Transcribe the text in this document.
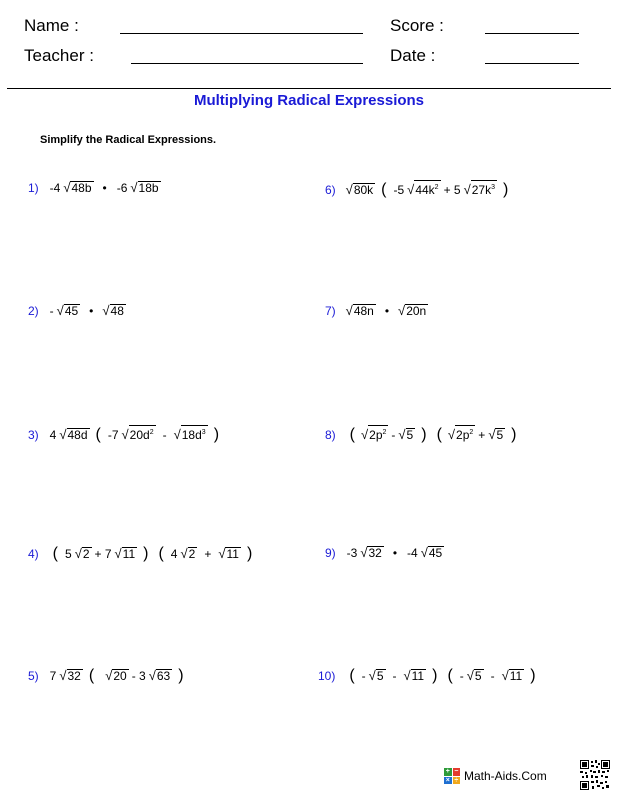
Name :	Score :
Teacher :	Date :
Multiplying Radical Expressions
Simplify the Radical Expressions.
1) -4 √ 48b • -6 √ 18b	6) √ 80k ( -5 √ $44k^2 + 5$ √ $27k^3$ )
2) - √ 45 • √ 48	7) √ 48n • √ 20n
3) 4 √ 48d ( -7 √ $20d^2$ - √ $18d^3$ )	8) ( √ $2p^2$ - √ 5 ) ( √ $2p^2$ + √ 5 )
4) ( 5 √ 2 + 7 √ 11 ) ( 4 √ 2 + √ 11 )	9) -3 √ 32 • -4 √ 45
5) 7 √ 32 ( √ 20 - 3 √ 63 )	10) ( - √ 5 - √ 11 ) ( - √ 5 - √ 11 )
+ −
× ÷ Math-Aids.Com
